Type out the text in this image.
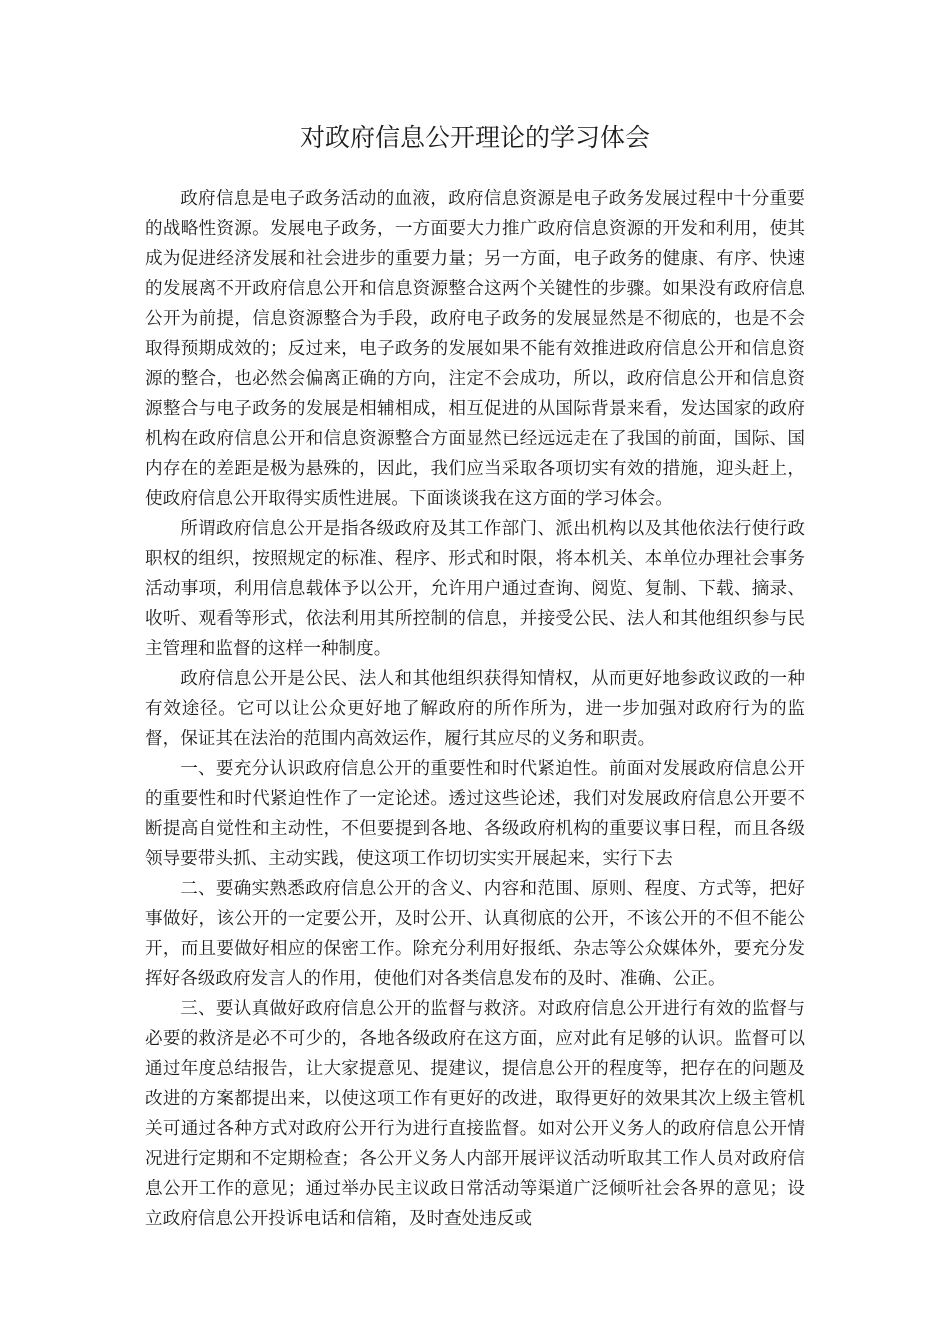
对政府信息公开理论的学习体会

政府信息是电子政务活动的血液，政府信息资源是电子政务发展过程中十分重要的战略性资源。发展电子政务，一方面要大力推广政府信息资源的开发和利用，使其成为促进经济发展和社会进步的重要力量；另一方面，电子政务的健康、有序、快速的发展离不开政府信息公开和信息资源整合这两个关键性的步骤。如果没有政府信息公开为前提，信息资源整合为手段，政府电子政务的发展显然是不彻底的，也是不会取得预期成效的；反过来，电子政务的发展如果不能有效推进政府信息公开和信息资源的整合，也必然会偏离正确的方向，注定不会成功，所以，政府信息公开和信息资源整合与电子政务的发展是相辅相成，相互促进的从国际背景来看，发达国家的政府机构在政府信息公开和信息资源整合方面显然已经远远走在了我国的前面，国际、国内存在的差距是极为悬殊的，因此，我们应当采取各项切实有效的措施，迎头赶上，使政府信息公开取得实质性进展。下面谈谈我在这方面的学习体会。

所谓政府信息公开是指各级政府及其工作部门、派出机构以及其他依法行使行政职权的组织，按照规定的标准、程序、形式和时限，将本机关、本单位办理社会事务活动事项，利用信息载体予以公开，允许用户通过查询、阅览、复制、下载、摘录、收听、观看等形式，依法利用其所控制的信息，并接受公民、法人和其他组织参与民主管理和监督的这样一种制度。

政府信息公开是公民、法人和其他组织获得知情权，从而更好地参政议政的一种有效途径。它可以让公众更好地了解政府的所作所为，进一步加强对政府行为的监督，保证其在法治的范围内高效运作，履行其应尽的义务和职责。

一、要充分认识政府信息公开的重要性和时代紧迫性。前面对发展政府信息公开的重要性和时代紧迫性作了一定论述。透过这些论述，我们对发展政府信息公开要不断提高自觉性和主动性，不但要提到各地、各级政府机构的重要议事日程，而且各级领导要带头抓、主动实践，使这项工作切切实实开展起来，实行下去

二、要确实熟悉政府信息公开的含义、内容和范围、原则、程度、方式等，把好事做好，该公开的一定要公开，及时公开、认真彻底的公开，不该公开的不但不能公开，而且要做好相应的保密工作。除充分利用好报纸、杂志等公众媒体外，要充分发挥好各级政府发言人的作用，使他们对各类信息发布的及时、准确、公正。

三、要认真做好政府信息公开的监督与救济。对政府信息公开进行有效的监督与必要的救济是必不可少的，各地各级政府在这方面，应对此有足够的认识。监督可以通过年度总结报告，让大家提意见、提建议，提信息公开的程度等，把存在的问题及改进的方案都提出来，以使这项工作有更好的改进，取得更好的效果其次上级主管机关可通过各种方式对政府公开行为进行直接监督。如对公开义务人的政府信息公开情况进行定期和不定期检查；各公开义务人内部开展评议活动听取其工作人员对政府信息公开工作的意见；通过举办民主议政日常活动等渠道广泛倾听社会各界的意见；设立政府信息公开投诉电话和信箱，及时查处违反或
